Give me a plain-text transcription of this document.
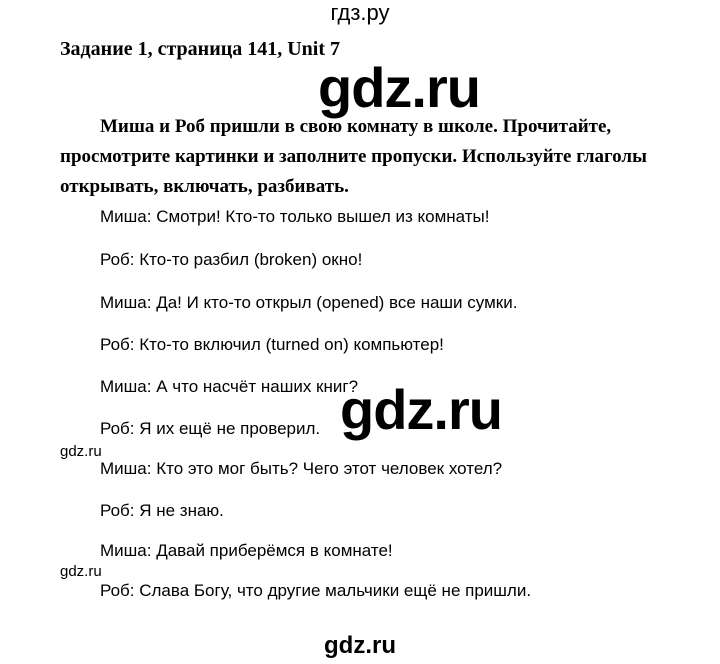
гдз.ру
Задание 1, страница 141, Unit 7
gdz.ru

Миша и Роб пришли в свою комнату в школе. Прочитайте, просмотрите картинки и заполните пропуски. Используйте глаголы открывать, включать, разбивать.

Миша: Смотри! Кто-то только вышел из комнаты!
Роб: Кто-то разбил (broken) окно!
Миша: Да! И кто-то открыл (opened) все наши сумки.
Роб: Кто-то включил (turned on) компьютер!
Миша: А что насчёт наших книг?
gdz.ru
Роб: Я их ещё не проверил.
gdz.ru
Миша: Кто это мог быть? Чего этот человек хотел?
Роб: Я не знаю.
Миша: Давай приберёмся в комнате!
gdz.ru
Роб: Слава Богу, что другие мальчики ещё не пришли.
gdz.ru
